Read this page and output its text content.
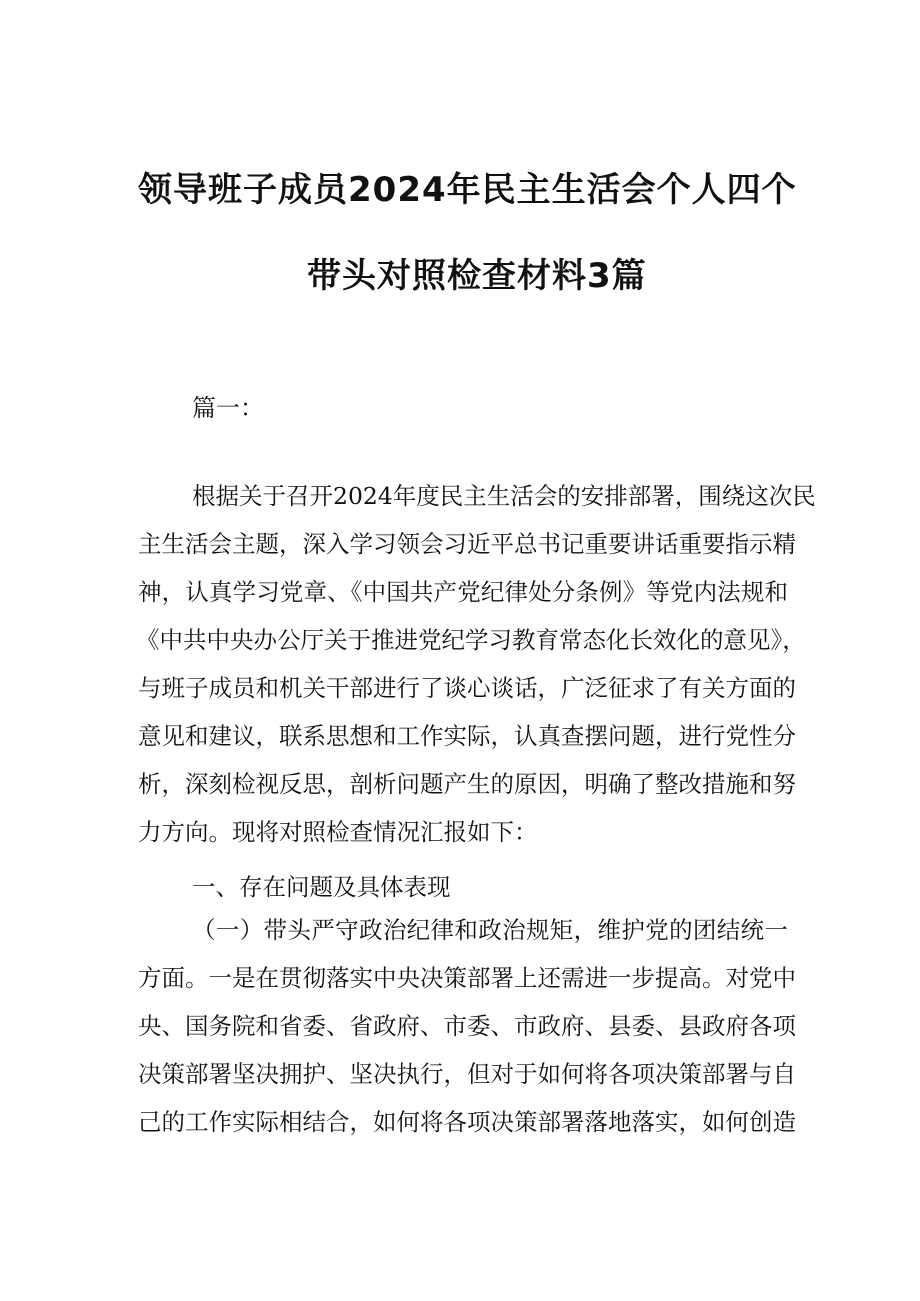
领导班子成员2024年民主生活会个人四个
带头对照检查材料3篇
篇一：
根据关于召开2024年度民主生活会的安排部署，围绕这次民
主生活会主题，深入学习领会习近平总书记重要讲话重要指示精
神，认真学习党章、《中国共产党纪律处分条例》等党内法规和
《中共中央办公厅关于推进党纪学习教育常态化长效化的意见》，
与班子成员和机关干部进行了谈心谈话，广泛征求了有关方面的
意见和建议，联系思想和工作实际，认真查摆问题，进行党性分
析，深刻检视反思，剖析问题产生的原因，明确了整改措施和努
力方向。现将对照检查情况汇报如下：
一、存在问题及具体表现
（一）带头严守政治纪律和政治规矩，维护党的团结统一
方面。一是在贯彻落实中央决策部署上还需进一步提高。对党中
央、国务院和省委、省政府、市委、市政府、县委、县政府各项
决策部署坚决拥护、坚决执行，但对于如何将各项决策部署与自
己的工作实际相结合，如何将各项决策部署落地落实，如何创造
